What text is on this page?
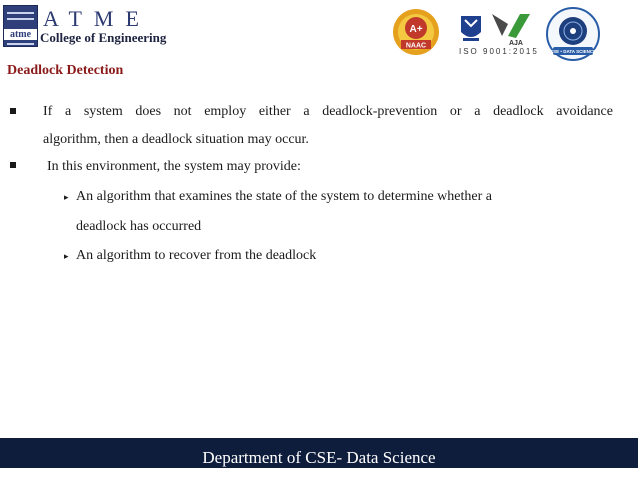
atme
ATME
College of Engineering
A+
NAAC	AJA
ISO 9001:2015 CSE • DATA SCIENCE
Deadlock Detection
If a system does not employ either a deadlock-prevention or a deadlock avoidance
algorithm, then a deadlock situation may occur.
In this environment, the system may provide:
▸ An algorithm that examines the state of the system to determine whether a
deadlock has occurred
▸ An algorithm to recover from the deadlock
Department of CSE- Data Science
